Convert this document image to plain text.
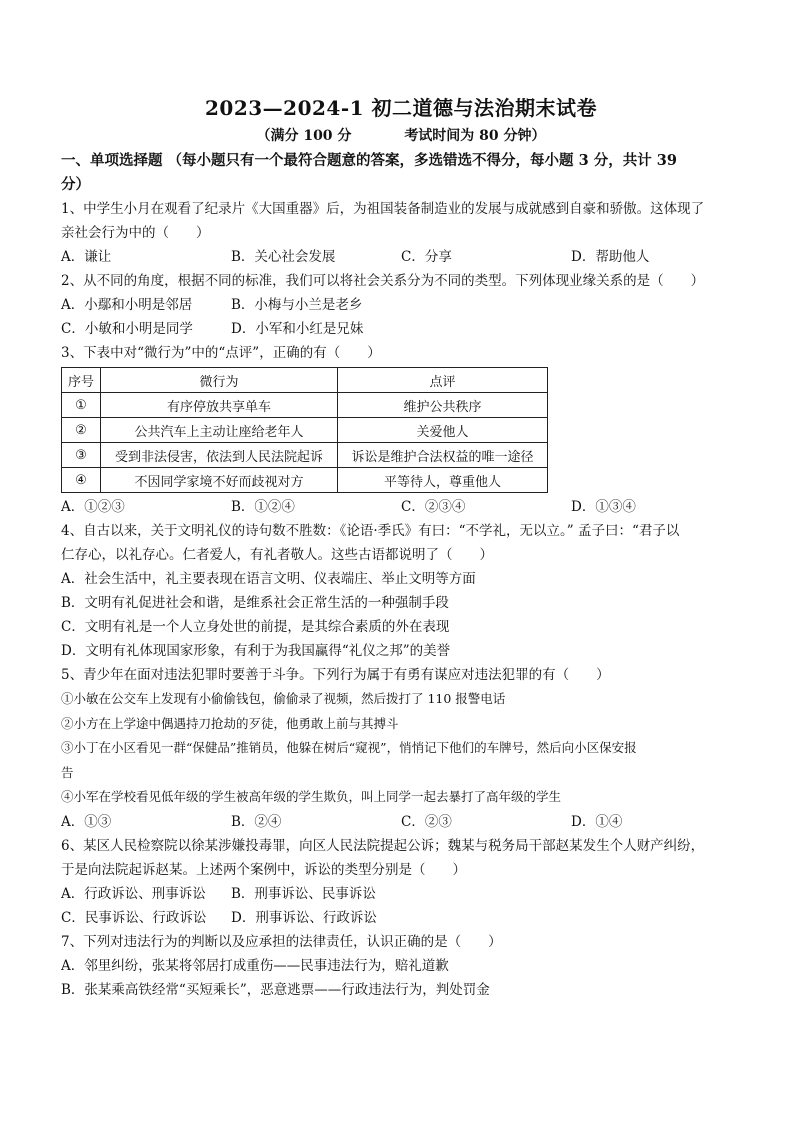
2023—2024-1 初二道德与法治期末试卷
（满分 100 分	考试时间为 80 分钟）

一、单项选择题 （每小题只有一个最符合题意的答案，多选错选不得分，每小题 3 分，共计 39

分）

1、中学生小月在观看了纪录片《大国重器》后，为祖国装备制造业的发展与成就感到自豪和骄傲。这体现了

亲社会行为中的（　　）

A．谦让	B．关心社会发展	C．分享	D．帮助他人

2、从不同的角度，根据不同的标准，我们可以将社会关系分为不同的类型。下列体现业缘关系的是（　　）

A．小鄢和小明是邻居	B．小梅与小兰是老乡
C．小敏和小明是同学	D．小军和小红是兄妹

3、下表中对“微行为”中的“点评”，正确的有（　　）

序号	微行为	点评
①	有序停放共享单车	维护公共秩序
②	公共汽车上主动让座给老年人	关爱他人
③	受到非法侵害，依法到人民法院起诉	诉讼是维护合法权益的唯一途径
④	不因同学家境不好而歧视对方	平等待人，尊重他人
A．①②③	B．①②④	C．②③④	D．①③④

4、自古以来，关于文明礼仪的诗句数不胜数：《论语·季氏》有曰：“不学礼，无以立。” 孟子曰：“君子以

仁存心，以礼存心。仁者爱人，有礼者敬人。这些古语都说明了（　　）

A．社会生活中，礼主要表现在语言文明、仪表端庄、举止文明等方面

B．文明有礼促进社会和谐，是维系社会正常生活的一种强制手段

C．文明有礼是一个人立身处世的前提，是其综合素质的外在表现

D．文明有礼体现国家形象，有利于为我国赢得“礼仪之邦”的美誉

5、青少年在面对违法犯罪时要善于斗争。下列行为属于有勇有谋应对违法犯罪的有（　　）

①小敏在公交车上发现有小偷偷钱包，偷偷录了视频，然后拨打了 110 报警电话

②小方在上学途中偶遇持刀抢劫的歹徒，他勇敢上前与其搏斗

③小丁在小区看见一群“保健品”推销员，他躲在树后“窥视”，悄悄记下他们的车牌号，然后向小区保安报

告

④小军在学校看见低年级的学生被高年级的学生欺负，叫上同学一起去暴打了高年级的学生

A．①③	B．②④	C．②③	D．①④

6、某区人民检察院以徐某涉嫌投毒罪，向区人民法院提起公诉；魏某与税务局干部赵某发生个人财产纠纷，

于是向法院起诉赵某。上述两个案例中，诉讼的类型分别是（　　）

A．行政诉讼、刑事诉讼	B．刑事诉讼、民事诉讼
C．民事诉讼、行政诉讼	D．刑事诉讼、行政诉讼

7、下列对违法行为的判断以及应承担的法律责任，认识正确的是（　　）

A．邻里纠纷，张某将邻居打成重伤——民事违法行为，赔礼道歉

B．张某乘高铁经常“买短乘长”，恶意逃票——行政违法行为，判处罚金
